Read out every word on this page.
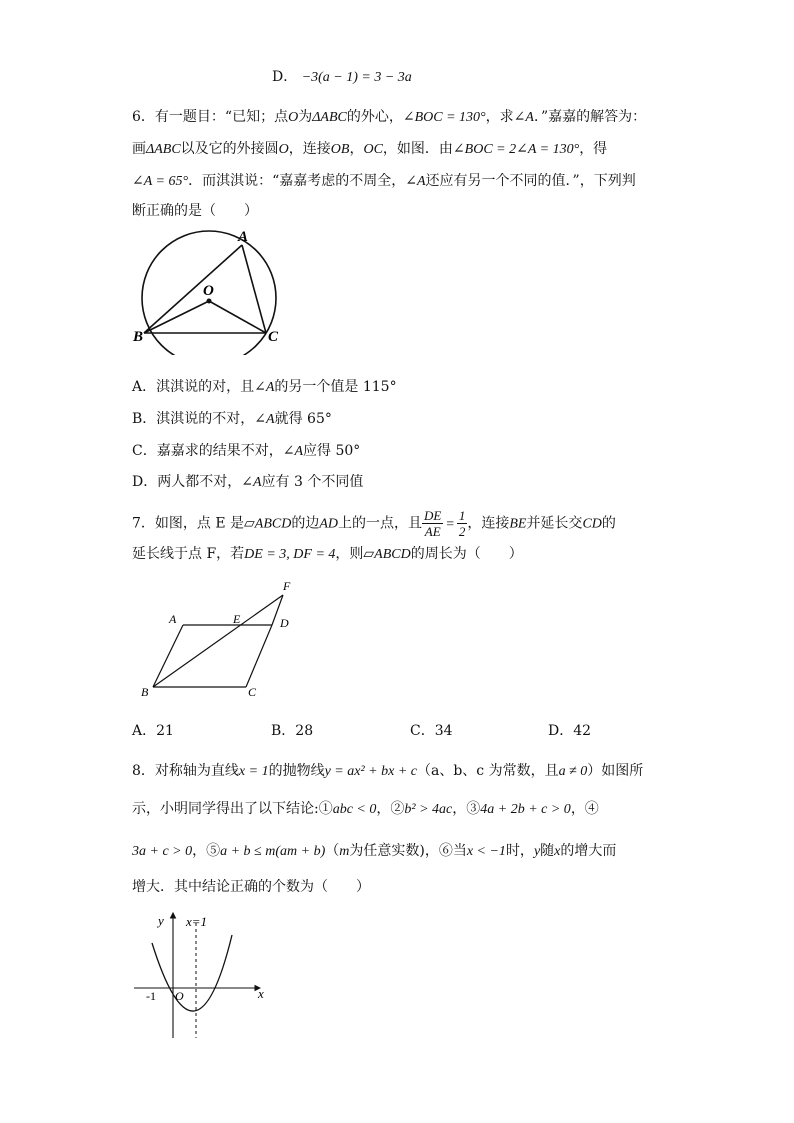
D． −3(a − 1) = 3 − 3a
6．有一题目：“已知；点O为ΔABC的外心，∠BOC = 130°，求∠A．”嘉嘉的解答为：
画ΔABC以及它的外接圆O，连接OB，OC，如图．由∠BOC = 2∠A = 130°，得
∠A = 65°．而淇淇说：“嘉嘉考虑的不周全，∠A还应有另一个不同的值．”，下列判
断正确的是（　　）
A
O
B	C
A．淇淇说的对，且∠A的另一个值是 115°
B．淇淇说的不对，∠A就得 65°
C．嘉嘉求的结果不对，∠A应得 50°
D．两人都不对，∠A应有 3 个不同值
7．如图，点 E 是▱ABCD的边AD上的一点，且 $\frac{DE}{AE} = \frac{1}{2}$ ，连接BE并延长交CD的
延长线于点 F，若DE = 3, DF = 4，则▱ABCD的周长为（　　）
A	E	D
F
B	C
A．21	B．28	C．34	D．42
8．对称轴为直线x = 1的抛物线y = ax² + bx + c（a、b、c 为常数，且a ≠ 0）如图所
示，小明同学得出了以下结论:①abc < 0，②b² > 4ac，③4a + 2b + c > 0，④
3a + c > 0，⑤a + b ≤ m(am + b)（m为任意实数)，⑥当x < −1时，y随x的增大而
增大．其中结论正确的个数为（　　）
y x=1
-1 O	x
